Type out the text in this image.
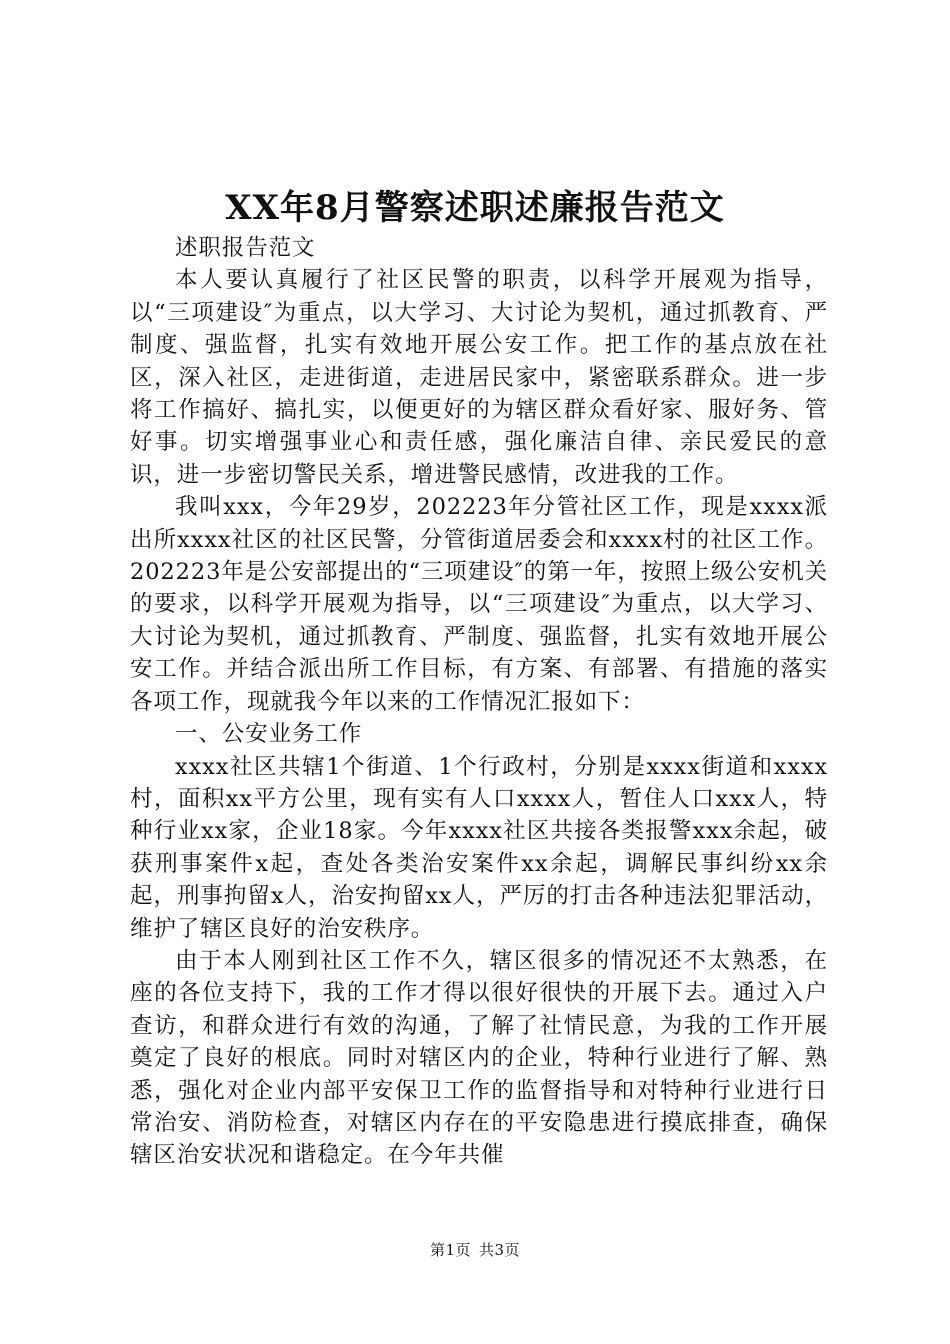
XX年8月警察述职述廉报告范文

述职报告范文

本人要认真履行了社区民警的职责，以科学开展观为指导，以“三项建设″为重点，以大学习、大讨论为契机，通过抓教育、严制度、强监督，扎实有效地开展公安工作。把工作的基点放在社区，深入社区，走进街道，走进居民家中，紧密联系群众。进一步将工作搞好、搞扎实，以便更好的为辖区群众看好家、服好务、管好事。切实增强事业心和责任感，强化廉洁自律、亲民爱民的意识，进一步密切警民关系，增进警民感情，改进我的工作。

我叫xxx，今年29岁，202223年分管社区工作，现是xxxx派出所xxxx社区的社区民警，分管街道居委会和xxxx村的社区工作。202223年是公安部提出的“三项建设″的第一年，按照上级公安机关的要求，以科学开展观为指导，以“三项建设″为重点，以大学习、大讨论为契机，通过抓教育、严制度、强监督，扎实有效地开展公安工作。并结合派出所工作目标，有方案、有部署、有措施的落实各项工作，现就我今年以来的工作情况汇报如下：

一、公安业务工作

xxxx社区共辖1个街道、1个行政村，分别是xxxx街道和xxxx村，面积xx平方公里，现有实有人口xxxx人，暂住人口xxx人，特种行业xx家，企业18家。今年xxxx社区共接各类报警xxx余起，破获刑事案件x起，查处各类治安案件xx余起，调解民事纠纷xx余起，刑事拘留x人，治安拘留xx人，严厉的打击各种违法犯罪活动，维护了辖区良好的治安秩序。

由于本人刚到社区工作不久，辖区很多的情况还不太熟悉，在座的各位支持下，我的工作才得以很好很快的开展下去。通过入户查访，和群众进行有效的沟通，了解了社情民意，为我的工作开展奠定了良好的根底。同时对辖区内的企业，特种行业进行了解、熟悉，强化对企业内部平安保卫工作的监督指导和对特种行业进行日常治安、消防检查，对辖区内存在的平安隐患进行摸底排查，确保辖区治安状况和谐稳定。在今年共催

第1页 共3页
